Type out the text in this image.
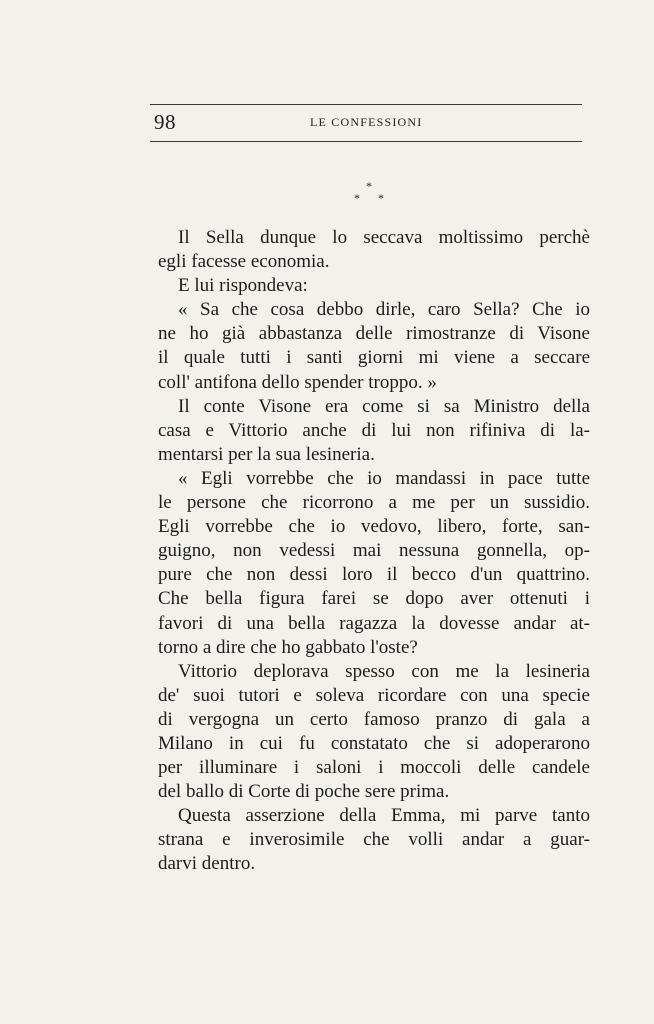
98	LE CONFESSIONI
*
* *
Il Sella dunque lo seccava moltissimo perchè
egli facesse economia.
E lui rispondeva:
« Sa che cosa debbo dirle, caro Sella? Che io
ne ho già abbastanza delle rimostranze di Visone
il quale tutti i santi giorni mi viene a seccare
coll' antifona dello spender troppo. »
Il conte Visone era come si sa Ministro della
casa e Vittorio anche di lui non rifiniva di la-
mentarsi per la sua lesineria.
« Egli vorrebbe che io mandassi in pace tutte
le persone che ricorrono a me per un sussidio.
Egli vorrebbe che io vedovo, libero, forte, san-
guigno, non vedessi mai nessuna gonnella, op-
pure che non dessi loro il becco d'un quattrino.
Che bella figura farei se dopo aver ottenuti i
favori di una bella ragazza la dovesse andar at-
torno a dire che ho gabbato l'oste?
Vittorio deplorava spesso con me la lesineria
de' suoi tutori e soleva ricordare con una specie
di vergogna un certo famoso pranzo di gala a
Milano in cui fu constatato che si adoperarono
per illuminare i saloni i moccoli delle candele
del ballo di Corte di poche sere prima.
Questa asserzione della Emma, mi parve tanto
strana e inverosimile che volli andar a guar-
darvi dentro.
